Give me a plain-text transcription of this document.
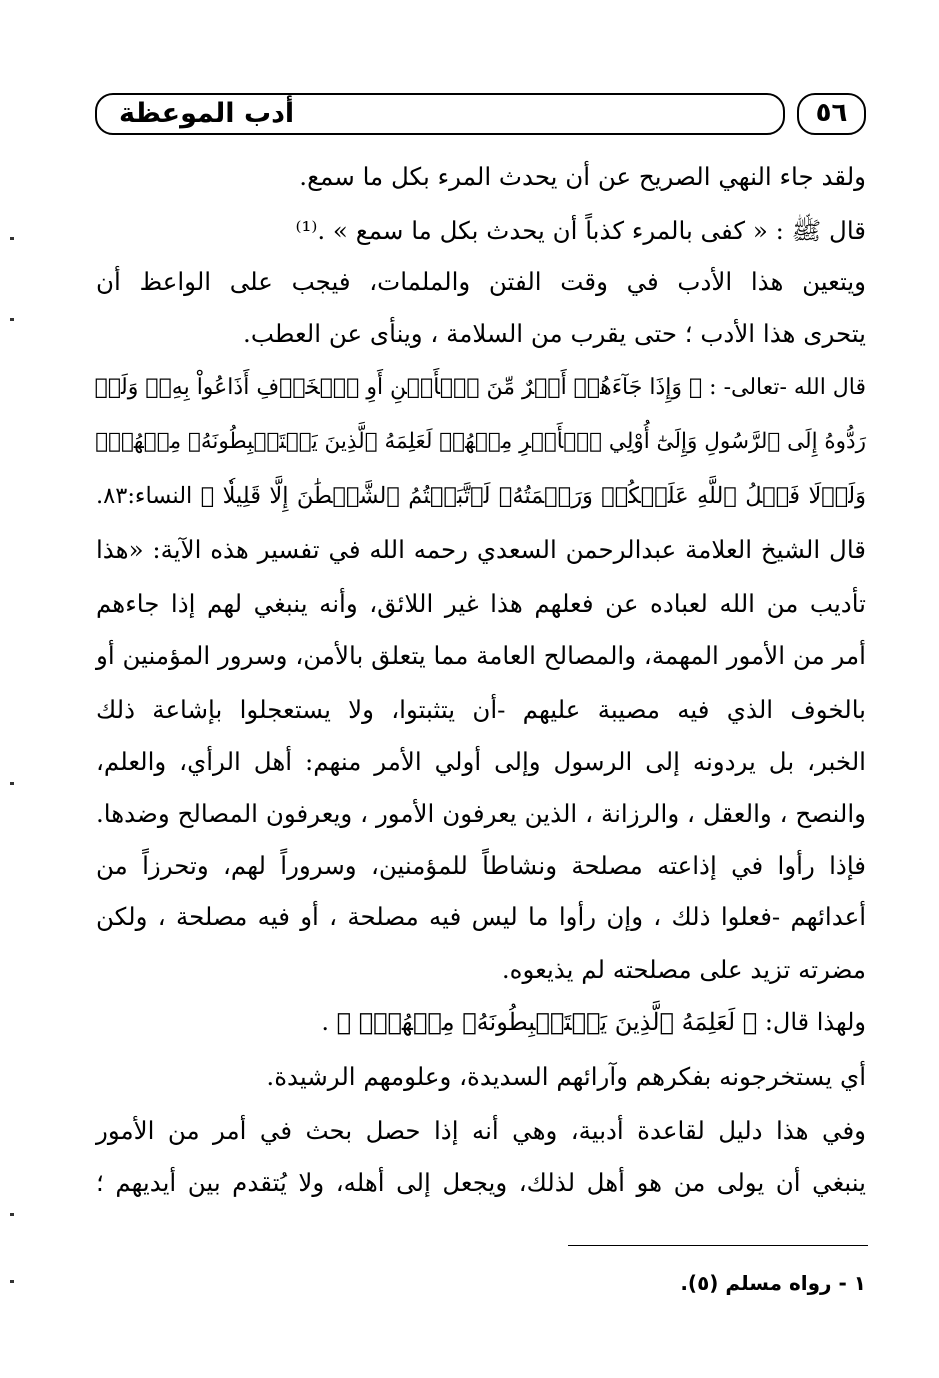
٥٦
أدب الموعظة
ولقد جاء النهي الصريح عن أن يحدث المرء بكل ما سمع.
قال ﷺ : « كفى بالمرء كذباً أن يحدث بكل ما سمع » .⁽¹⁾
ويتعين هذا الأدب في وقت الفتن والملمات، فيجب على الواعظ أن
يتحرى هذا الأدب ؛ حتى يقرب من السلامة ، وينأى عن العطب.
قال الله -تعالى- : ﴿ وَإِذَا جَآءَهُمۡ أَمۡرٌ مِّنَ ٱلۡأَمۡنِ أَوِ ٱلۡخَوۡفِ أَذَاعُواْ بِهِۦۖ وَلَوۡ
رَدُّوهُ إِلَى ٱلرَّسُولِ وَإِلَىٰٓ أُوْلِي ٱلۡأَمۡرِ مِنۡهُمۡ لَعَلِمَهُ ٱلَّذِينَ يَسۡتَنۢبِطُونَهُۥ مِنۡهُمۡۗ
وَلَوۡلَا فَضۡلُ ٱللَّهِ عَلَيۡكُمۡ وَرَحۡمَتُهُۥ لَٱتَّبَعۡتُمُ ٱلشَّيۡطَٰنَ إِلَّا قَلِيلٗا ﴾ النساء:٨٣.
قال الشيخ العلامة عبدالرحمن السعدي رحمه الله في تفسير هذه الآية: «هذا
تأديب من الله لعباده عن فعلهم هذا غير اللائق، وأنه ينبغي لهم إذا جاءهم
أمر من الأمور المهمة، والمصالح العامة مما يتعلق بالأمن، وسرور المؤمنين أو
بالخوف الذي فيه مصيبة عليهم -أن يتثبتوا، ولا يستعجلوا بإشاعة ذلك
الخبر، بل يردونه إلى الرسول وإلى أولي الأمر منهم: أهل الرأي، والعلم،
والنصح ، والعقل ، والرزانة ، الذين يعرفون الأمور ، ويعرفون المصالح وضدها.
فإذا رأوا في إذاعته مصلحة ونشاطاً للمؤمنين، وسروراً لهم، وتحرزاً من
أعدائهم -فعلوا ذلك ، وإن رأوا ما ليس فيه مصلحة ، أو فيه مصلحة ، ولكن
مضرته تزيد على مصلحته لم يذيعوه.
ولهذا قال: ﴿ لَعَلِمَهُ ٱلَّذِينَ يَسۡتَنۢبِطُونَهُۥ مِنۡهُمۡۗ ﴾ .
أي يستخرجونه بفكرهم وآرائهم السديدة، وعلومهم الرشيدة.
وفي هذا دليل لقاعدة أدبية، وهي أنه إذا حصل بحث في أمر من الأمور
ينبغي أن يولى من هو أهل لذلك، ويجعل إلى أهله، ولا يُتقدم بين أيديهم ؛
١ - رواه مسلم (٥).
